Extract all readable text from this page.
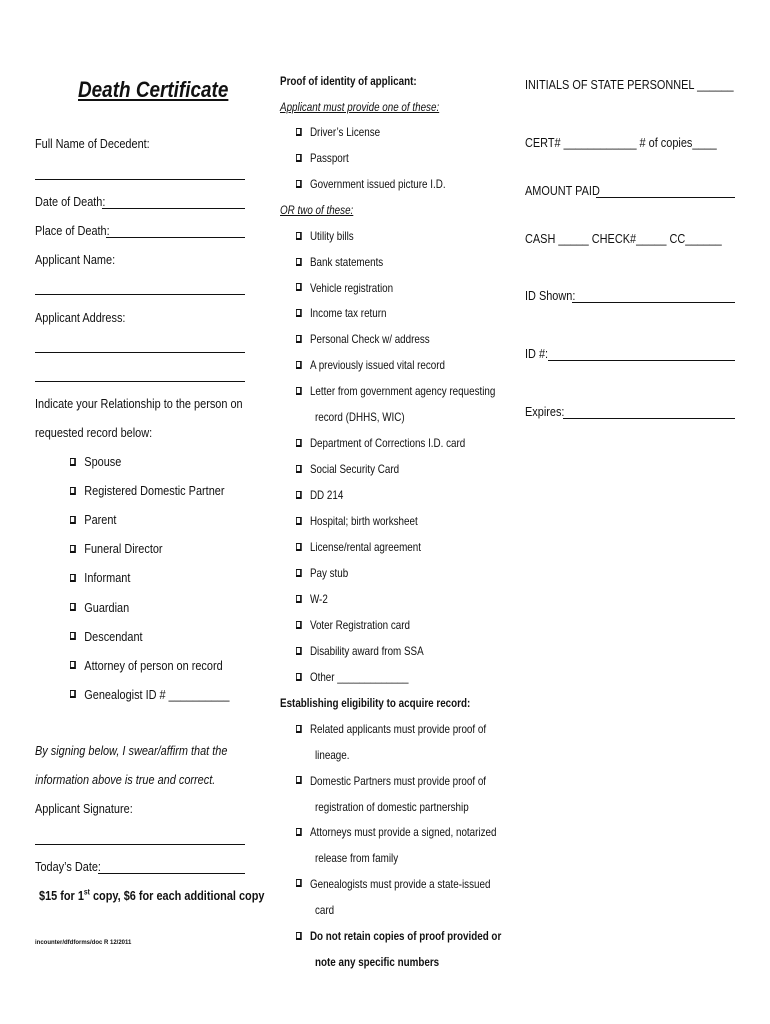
Death Certificate
Full Name of Decedent:
Date of Death:
Place of Death:
Applicant Name:
Applicant Address:
Indicate your Relationship to the person on
requested record below:
Spouse
Registered Domestic Partner
Parent
Funeral Director
Informant
Guardian
Descendant
Attorney of person on record
Genealogist ID # __________
By signing below, I swear/affirm that the
information above is true and correct.
Applicant Signature:
Today’s Date:
$15 for 1st copy, $6 for each additional copy
incounter/dfdforms/doc R 12/2011
Proof of identity of applicant:
Applicant must provide one of these:
Driver’s License
Passport
Government issued picture I.D.
OR two of these:
Utility bills
Bank statements
Vehicle registration
Income tax return
Personal Check w/ address
A previously issued vital record
Letter from government agency requesting
record (DHHS, WIC)
Department of Corrections I.D. card
Social Security Card
DD 214
Hospital; birth worksheet
License/rental agreement
Pay stub
W-2
Voter Registration card
Disability award from SSA
Other _____________
Establishing eligibility to acquire record:
Related applicants must provide proof of
lineage.
Domestic Partners must provide proof of
registration of domestic partnership
Attorneys must provide a signed, notarized
release from family
Genealogists must provide a state-issued
card
Do not retain copies of proof provided or
note any specific numbers
INITIALS OF STATE PERSONNEL ______
CERT# ____________ # of copies____
AMOUNT PAID
CASH _____ CHECK#_____ CC______
ID Shown:
ID #:
Expires:
